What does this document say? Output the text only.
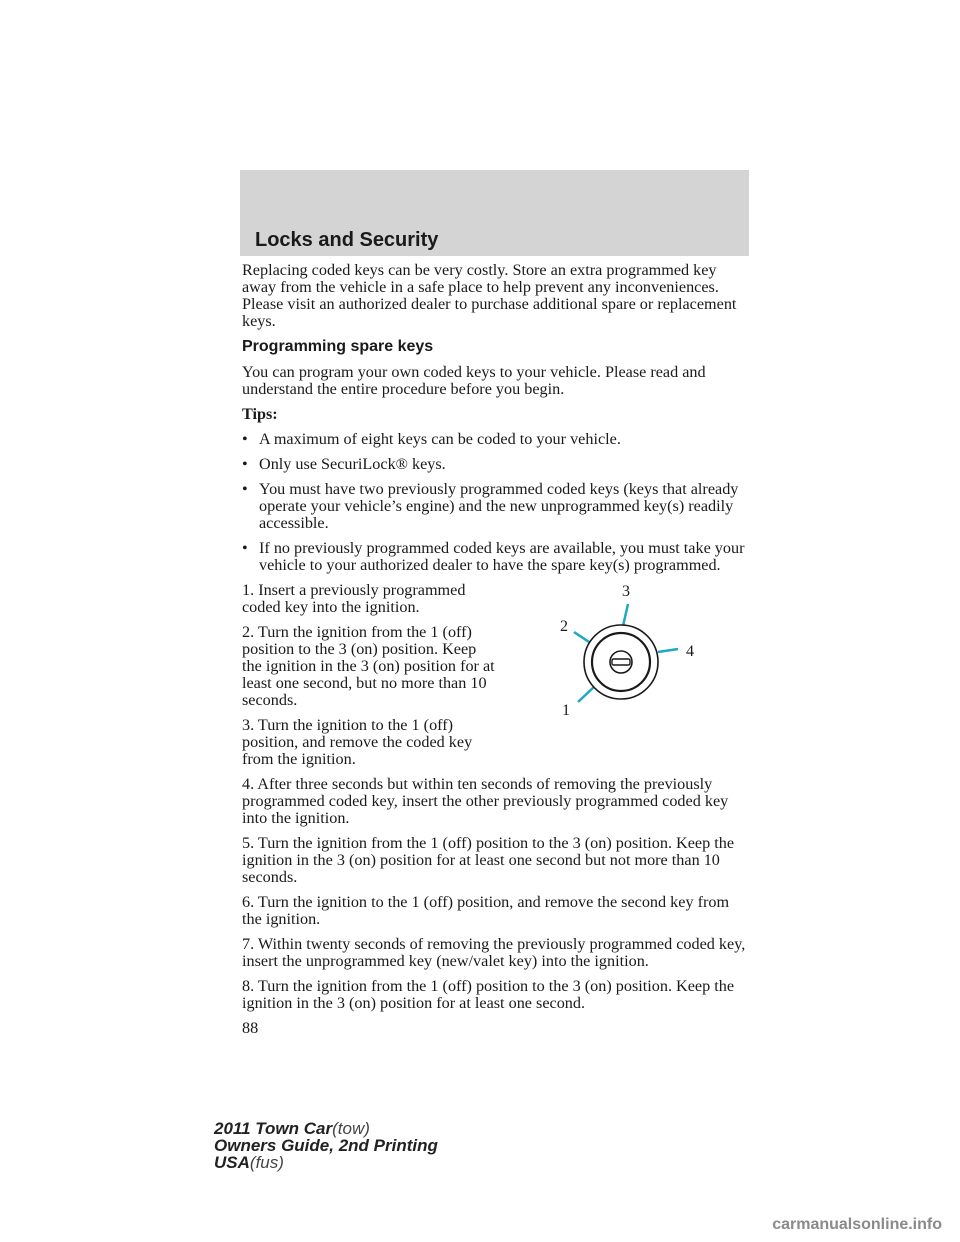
Locks and Security

Replacing coded keys can be very costly. Store an extra programmed key away from the vehicle in a safe place to help prevent any inconveniences. Please visit an authorized dealer to purchase additional spare or replacement keys.

Programming spare keys

You can program your own coded keys to your vehicle. Please read and understand the entire procedure before you begin.

Tips:

• A maximum of eight keys can be coded to your vehicle.
• Only use SecuriLock® keys.
• You must have two previously programmed coded keys (keys that already operate your vehicle’s engine) and the new unprogrammed key(s) readily accessible.
• If no previously programmed coded keys are available, you must take your vehicle to your authorized dealer to have the spare key(s) programmed.

1. Insert a previously programmed coded key into the ignition.

2. Turn the ignition from the 1 (off) position to the 3 (on) position. Keep the ignition in the 3 (on) position for at least one second, but no more than 10 seconds.

3. Turn the ignition to the 1 (off) position, and remove the coded key from the ignition.

4. After three seconds but within ten seconds of removing the previously programmed coded key, insert the other previously programmed coded key into the ignition.

5. Turn the ignition from the 1 (off) position to the 3 (on) position. Keep the ignition in the 3 (on) position for at least one second but not more than 10 seconds.

6. Turn the ignition to the 1 (off) position, and remove the second key from the ignition.

7. Within twenty seconds of removing the previously programmed coded key, insert the unprogrammed key (new/valet key) into the ignition.

8. Turn the ignition from the 1 (off) position to the 3 (on) position. Keep the ignition in the 3 (on) position for at least one second.

88

3
2
4
1
2011 Town Car(tow)
Owners Guide, 2nd Printing
USA(fus)
carmanualsonline.info
